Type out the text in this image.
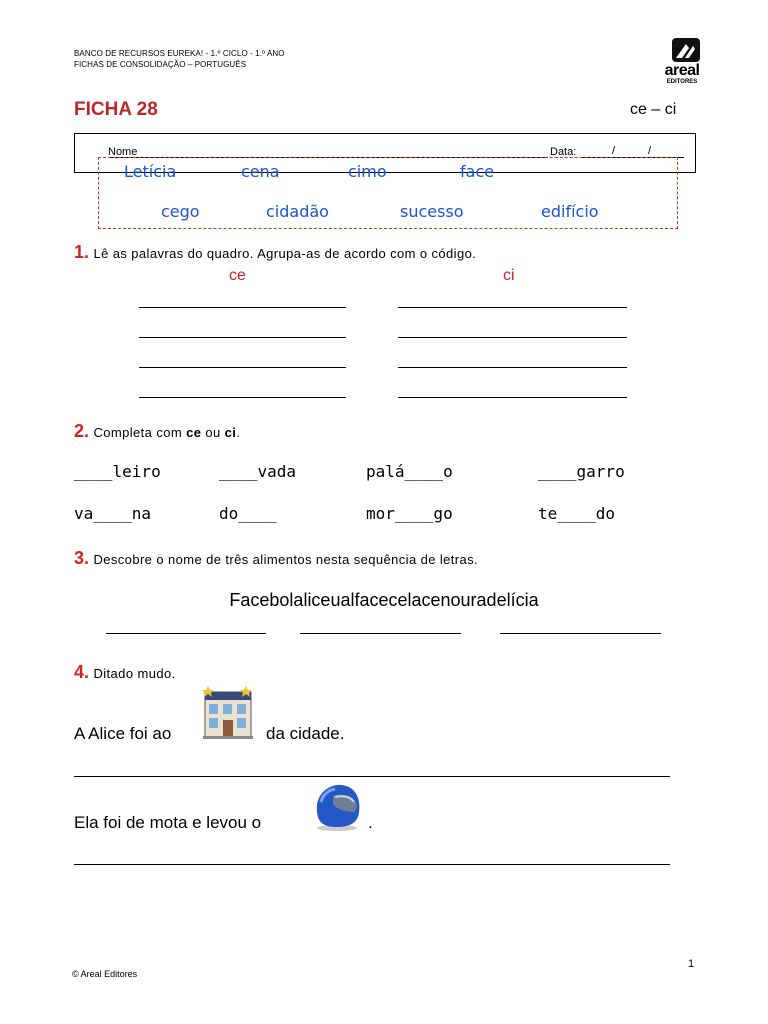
BANCO DE RECURSOS EUREKA! - 1.º CICLO - 1.º ANO
FICHAS DE CONSOLIDAÇÃO – PORTUGUÊS	areal
EDITORES
FICHA 28	ce – ci
Nome	Data:	/	/
Letícia	cena	cimo	face
cego	cidadão	sucesso	edifício
1. Lê as palavras do quadro. Agrupa-as de acordo com o código.
ce	ci
2. Completa com ce ou ci.
____leiro	____vada	palá____o	____garro
va____na	do____	mor____go	te____do
3. Descobre o nome de três alimentos nesta sequência de letras.
Facebolaliceualfacecelacenouradelícia
4. Ditado mudo.
A Alice foi ao	da cidade.
Ela foi de mota e levou o	.
© Areal Editores
1
